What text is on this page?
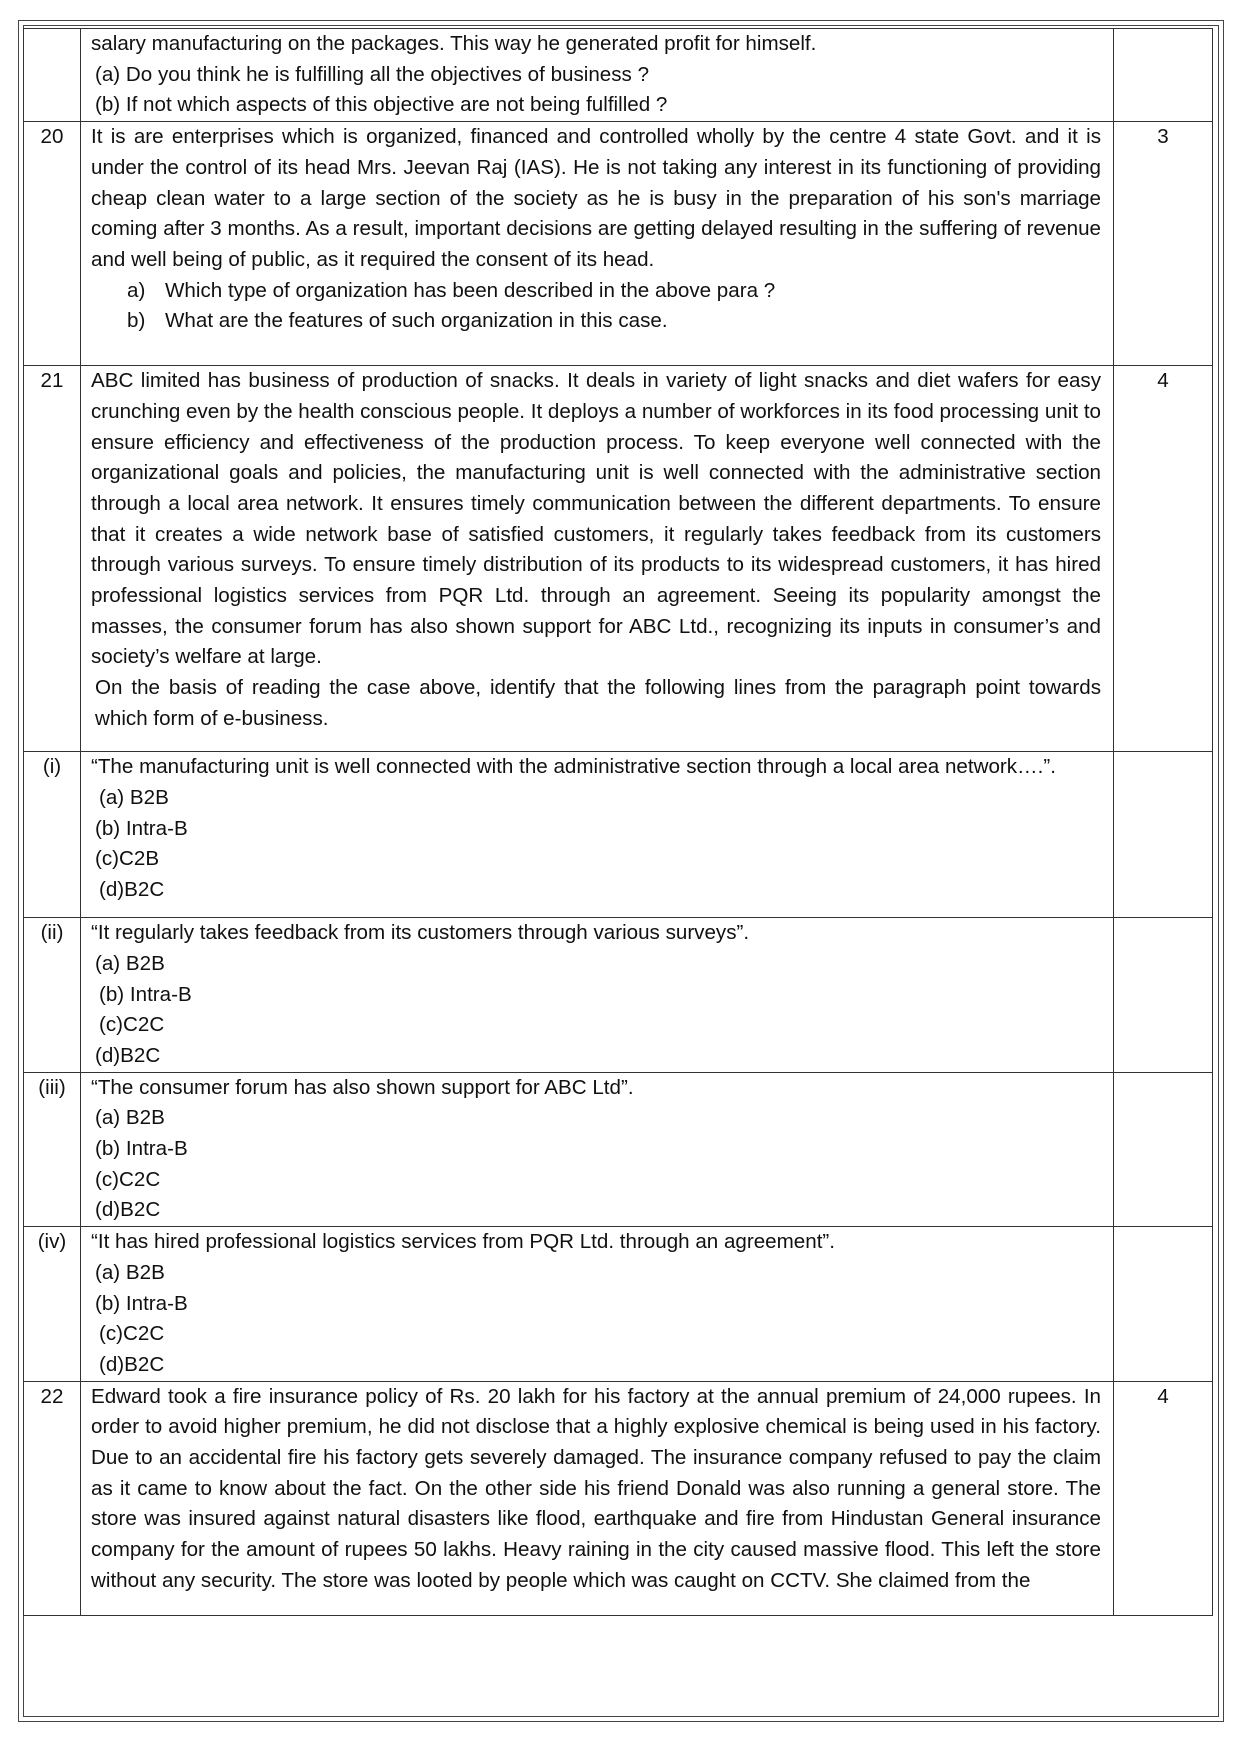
	salary manufacturing on the packages. This way he generated profit for himself.

(a) Do you think he is fulfilling all the objectives of business ?

(b) If not which aspects of this objective are not being fulfilled ?	

20	It is are enterprises which is organized, financed and controlled wholly by the centre 4 state Govt. and it is under the control of its head Mrs. Jeevan Raj (IAS). He is not taking any interest in its functioning of providing cheap clean water to a large section of the society as he is busy in the preparation of his son's marriage coming after 3 months. As a result, important decisions are getting delayed resulting in the suffering of revenue and well being of public, as it required the consent of its head.

a) Which type of organization has been described in the above para ?
b) What are the features of such organization in this case.	3
21	ABC limited has business of production of snacks. It deals in variety of light snacks and diet wafers for easy crunching even by the health conscious people. It deploys a number of workforces in its food processing unit to ensure efficiency and effectiveness of the production process. To keep everyone well connected with the organizational goals and policies, the manufacturing unit is well connected with the administrative section through a local area network. It ensures timely communication between the different departments. To ensure that it creates a wide network base of satisfied customers, it regularly takes feedback from its customers through various surveys. To ensure timely distribution of its products to its widespread customers, it has hired professional logistics services from PQR Ltd. through an agreement. Seeing its popularity amongst the masses, the consumer forum has also shown support for ABC Ltd., recognizing its inputs in consumer’s and society’s welfare at large.

On the basis of reading the case above, identify that the following lines from the paragraph point towards which form of e-business.	4
(i)	“The manufacturing unit is well connected with the administrative section through a local area network….”.

(a) B2B

(b) Intra-B

(c)C2B

(d)B2C	

(ii)	“It regularly takes feedback from its customers through various surveys”.

(a) B2B

(b) Intra-B

(c)C2C

(d)B2C	

(iii)	“The consumer forum has also shown support for ABC Ltd”.

(a) B2B

(b) Intra-B

(c)C2C

(d)B2C	

(iv)	“It has hired professional logistics services from PQR Ltd. through an agreement”.

(a) B2B

(b) Intra-B

(c)C2C

(d)B2C	

22	Edward took a fire insurance policy of Rs. 20 lakh for his factory at the annual premium of 24,000 rupees. In order to avoid higher premium, he did not disclose that a highly explosive chemical is being used in his factory. Due to an accidental fire his factory gets severely damaged. The insurance company refused to pay the claim as it came to know about the fact. On the other side his friend Donald was also running a general store. The store was insured against natural disasters like flood, earthquake and fire from Hindustan General insurance company for the amount of rupees 50 lakhs. Heavy raining in the city caused massive flood. This left the store without any security. The store was looted by people which was caught on CCTV. She claimed from the	4
